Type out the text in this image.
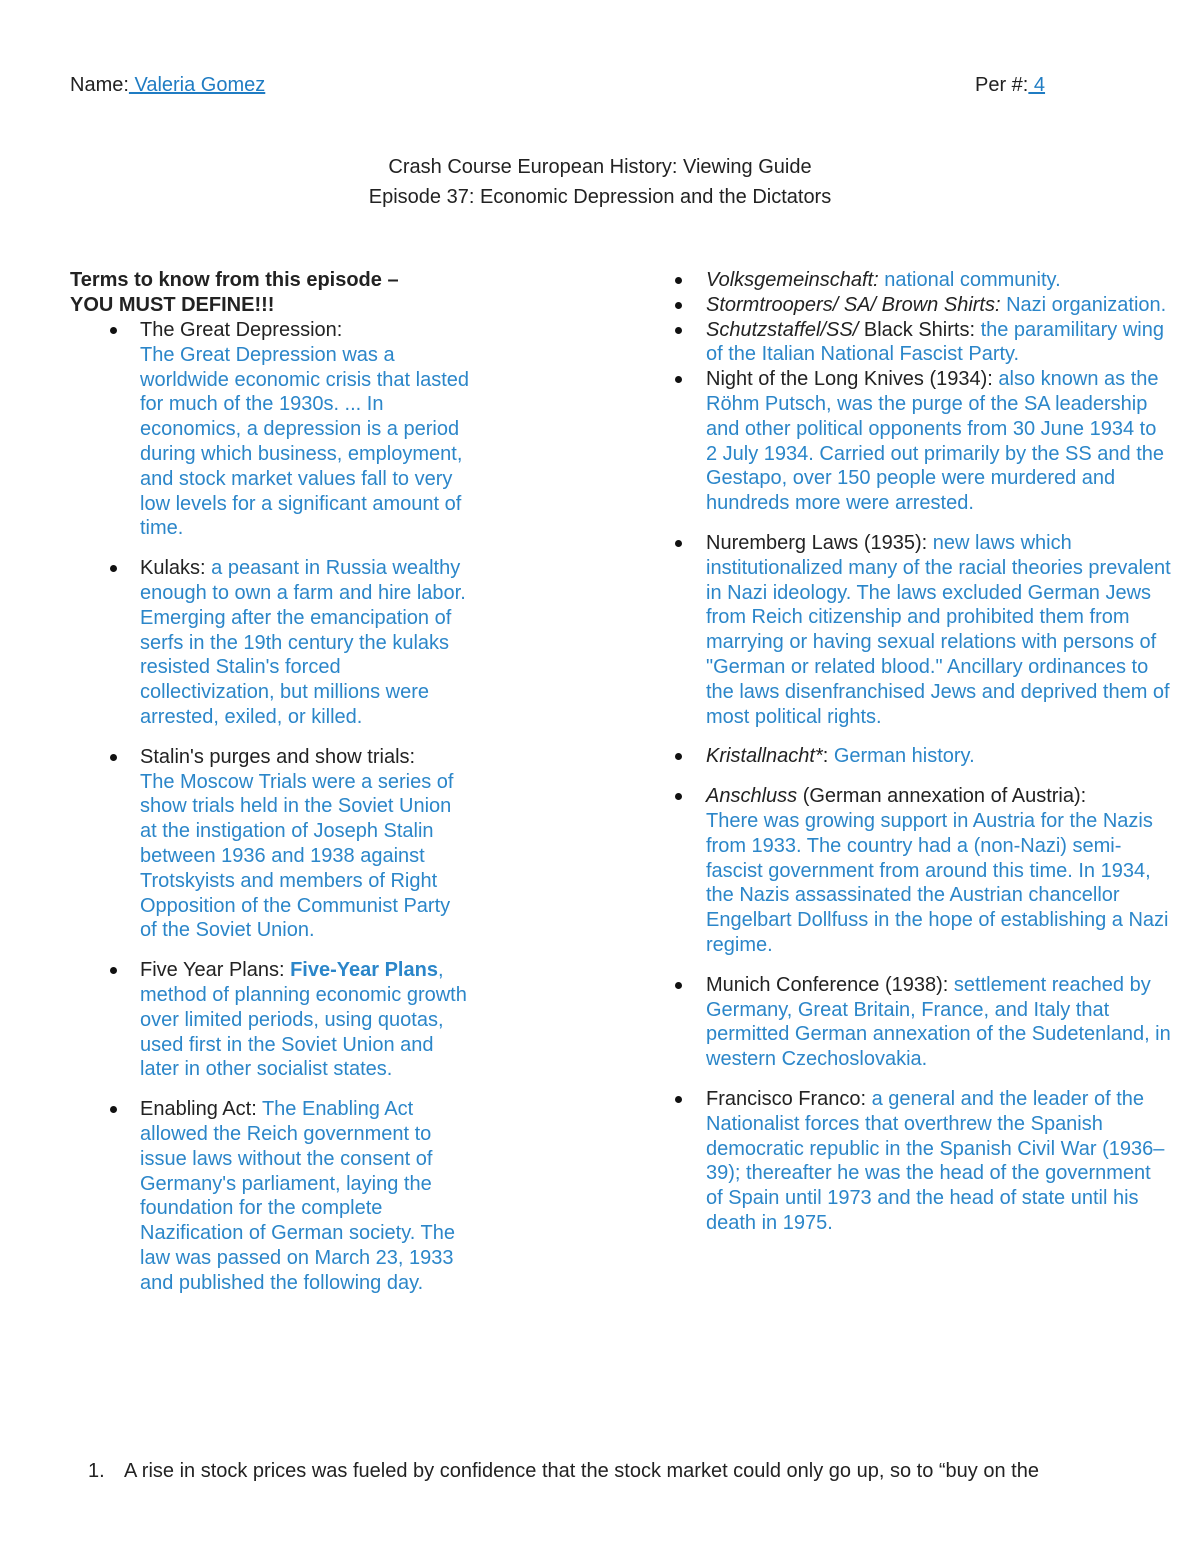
Name: Valeria Gomez	Per #: 4
Crash Course European History: Viewing Guide
Episode 37: Economic Depression and the Dictators
Terms to know from this episode –
YOU MUST DEFINE!!!
The Great Depression:
The Great Depression was a worldwide economic crisis that lasted for much of the 1930s. ... In economics, a depression is a period during which business, employment, and stock market values fall to very low levels for a significant amount of time.
Kulaks: a peasant in Russia wealthy enough to own a farm and hire labor. Emerging after the emancipation of serfs in the 19th century the kulaks resisted Stalin's forced collectivization, but millions were arrested, exiled, or killed.
Stalin's purges and show trials:
The Moscow Trials were a series of show trials held in the Soviet Union at the instigation of Joseph Stalin between 1936 and 1938 against Trotskyists and members of Right Opposition of the Communist Party of the Soviet Union.
Five Year Plans: Five-Year Plans, method of planning economic growth over limited periods, using quotas, used first in the Soviet Union and later in other socialist states.
Enabling Act: The Enabling Act allowed the Reich government to issue laws without the consent of Germany's parliament, laying the foundation for the complete Nazification of German society. The law was passed on March 23, 1933 and published the following day.
Volksgemeinschaft: national community.
Stormtroopers/ SA/ Brown Shirts: Nazi organization.
Schutzstaffel/SS/ Black Shirts: the paramilitary wing of the Italian National Fascist Party.
Night of the Long Knives (1934): also known as the Röhm Putsch, was the purge of the SA leadership and other political opponents from 30 June 1934 to 2 July 1934. Carried out primarily by the SS and the Gestapo, over 150 people were murdered and hundreds more were arrested.
Nuremberg Laws (1935): new laws which institutionalized many of the racial theories prevalent in Nazi ideology. The laws excluded German Jews from Reich citizenship and prohibited them from marrying or having sexual relations with persons of "German or related blood." Ancillary ordinances to the laws disenfranchised Jews and deprived them of most political rights.
Kristallnacht*: German history.
Anschluss (German annexation of Austria):
There was growing support in Austria for the Nazis from 1933. The country had a (non-Nazi) semi-fascist government from around this time. In 1934, the Nazis assassinated the Austrian chancellor Engelbart Dollfuss in the hope of establishing a Nazi regime.
Munich Conference (1938): settlement reached by Germany, Great Britain, France, and Italy that permitted German annexation of the Sudetenland, in western Czechoslovakia.
Francisco Franco: a general and the leader of the Nationalist forces that overthrew the Spanish democratic republic in the Spanish Civil War (1936–39); thereafter he was the head of the government of Spain until 1973 and the head of state until his death in 1975.
1. A rise in stock prices was fueled by confidence that the stock market could only go up, so to “buy on the
